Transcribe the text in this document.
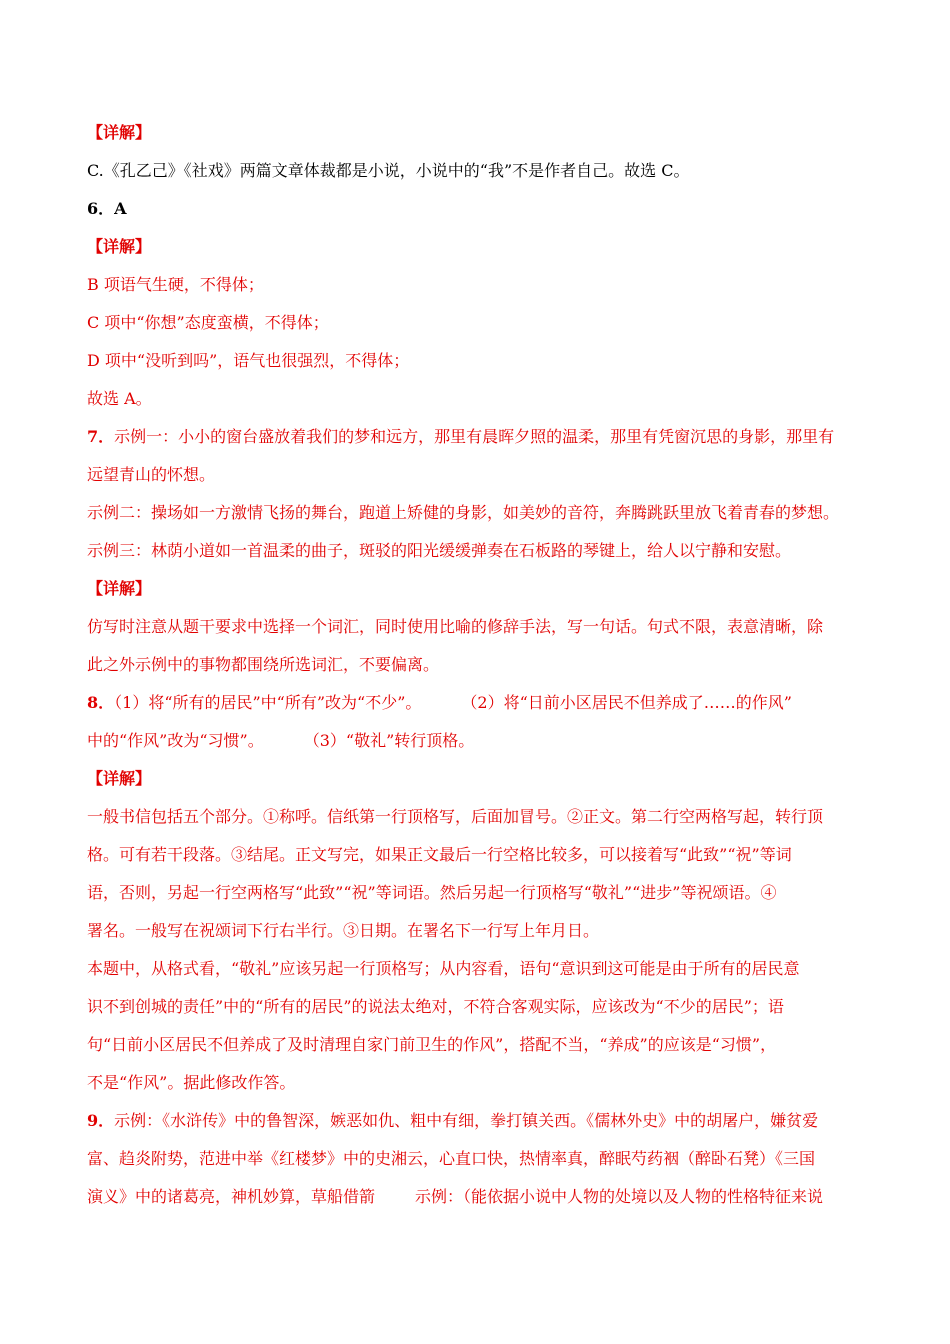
【详解】
C.《孔乙己》《社戏》两篇文章体裁都是小说，小说中的“我”不是作者自己。故选 C。
6．A
【详解】
B 项语气生硬，不得体；
C 项中“你想”态度蛮横，不得体；
D 项中“没听到吗”，语气也很强烈，不得体；
故选 A。
7．示例一：小小的窗台盛放着我们的梦和远方，那里有晨晖夕照的温柔，那里有凭窗沉思的身影，那里有
远望青山的怀想。
示例二：操场如一方激情飞扬的舞台，跑道上矫健的身影，如美妙的音符，奔腾跳跃里放飞着青春的梦想。
示例三：林荫小道如一首温柔的曲子，斑驳的阳光缓缓弹奏在石板路的琴键上，给人以宁静和安慰。
【详解】
仿写时注意从题干要求中选择一个词汇，同时使用比喻的修辞手法，写一句话。句式不限，表意清晰，除
此之外示例中的事物都围绕所选词汇，不要偏离。
8．（1）将“所有的居民”中“所有”改为“不少”。	（2）将“日前小区居民不但养成了……的作风”
中的“作风”改为“习惯”。	（3）“敬礼”转行顶格。
【详解】
一般书信包括五个部分。①称呼。信纸第一行顶格写，后面加冒号。②正文。第二行空两格写起，转行顶
格。可有若干段落。③结尾。正文写完，如果正文最后一行空格比较多，可以接着写“此致”“祝”等词
语，否则，另起一行空两格写“此致”“祝”等词语。然后另起一行顶格写“敬礼”“进步”等祝颂语。④
署名。一般写在祝颂词下行右半行。③日期。在署名下一行写上年月日。
本题中，从格式看，“敬礼”应该另起一行顶格写；从内容看，语句“意识到这可能是由于所有的居民意
识不到创城的责任”中的“所有的居民”的说法太绝对，不符合客观实际，应该改为“不少的居民”；语
句“日前小区居民不但养成了及时清理自家门前卫生的作风”，搭配不当，“养成”的应该是“习惯”，
不是“作风”。据此修改作答。
9．示例：《水浒传》中的鲁智深，嫉恶如仇、粗中有细，拳打镇关西。《儒林外史》中的胡屠户，嫌贫爱
富、趋炎附势，范进中举《红楼梦》中的史湘云，心直口快，热情率真，醉眠芍药裀（醉卧石凳）《三国
演义》中的诸葛亮，神机妙算，草船借箭	示例：（能依据小说中人物的处境以及人物的性格特征来说
